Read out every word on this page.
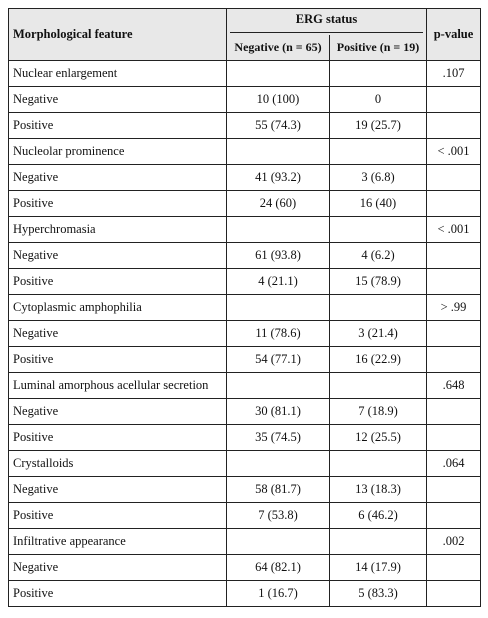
Morphological feature	ERG status		p-value
	Negative (n = 65)	Positive (n = 19)	
Nuclear enlargement			.107
Negative	10 (100)	0	
Positive	55 (74.3)	19 (25.7)	
Nucleolar prominence			< .001
Negative	41 (93.2)	3 (6.8)	
Positive	24 (60)	16 (40)	
Hyperchromasia			< .001
Negative	61 (93.8)	4 (6.2)	
Positive	4 (21.1)	15 (78.9)	
Cytoplasmic amphophilia			> .99
Negative	11 (78.6)	3 (21.4)	
Positive	54 (77.1)	16 (22.9)	
Luminal amorphous acellular secretion			.648
Negative	30 (81.1)	7 (18.9)	
Positive	35 (74.5)	12 (25.5)	
Crystalloids			.064
Negative	58 (81.7)	13 (18.3)	
Positive	7 (53.8)	6 (46.2)	
Infiltrative appearance			.002
Negative	64 (82.1)	14 (17.9)	
Positive	1 (16.7)	5 (83.3)	
